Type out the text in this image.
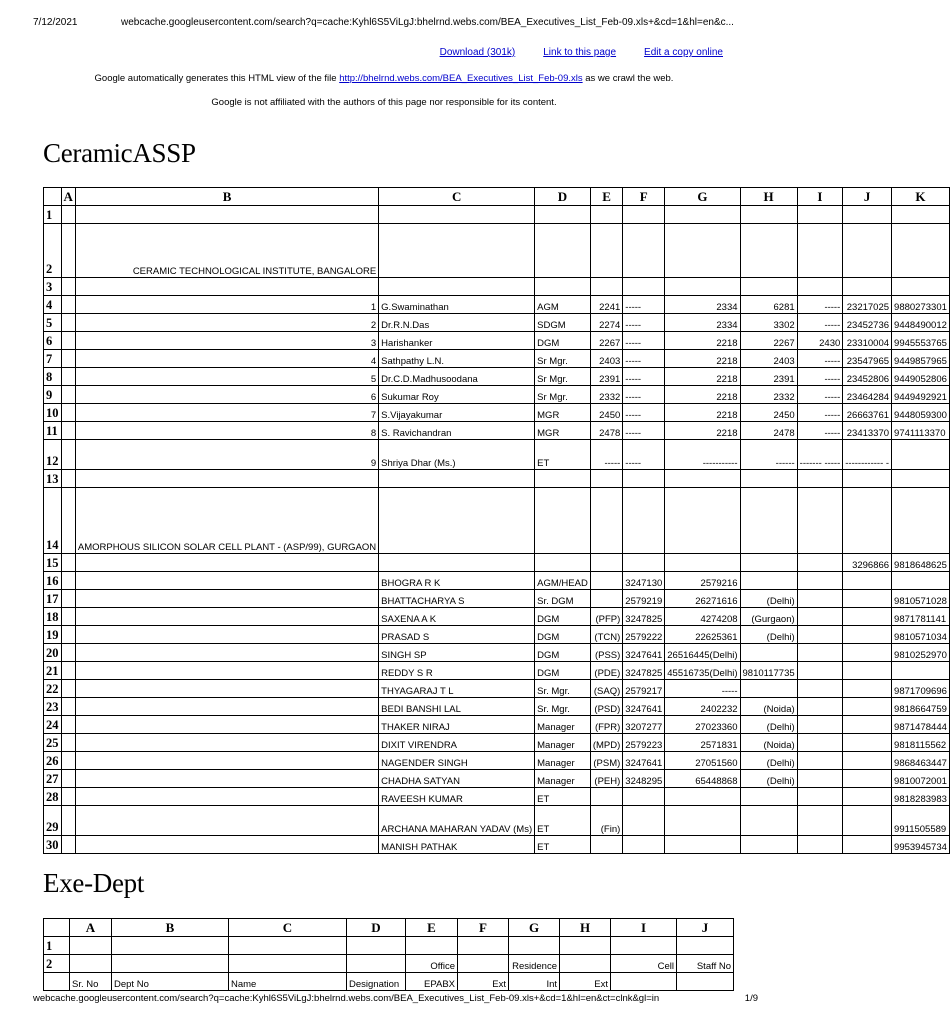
7/12/2021	webcache.googleusercontent.com/search?q=cache:Kyhl6S5ViLgJ:bhelrnd.webs.com/BEA_Executives_List_Feb-09.xls+&cd=1&hl=en&c...
Download (301k)	Link to this page	Edit a copy online
Google automatically generates this HTML view of the file http://bhelrnd.webs.com/BEA_Executives_List_Feb-09.xls as we crawl the web.
Google is not affiliated with the authors of this page nor responsible for its content.
CeramicASSP
	A	B	C	D	E	F	G	H	I	J	K
1											
2		CERAMIC TECHNOLOGICAL INSTITUTE, BANGALORE									
3											
4		1	G.Swaminathan	AGM	2241	-----	2334	6281	-----	23217025	9880273301
5		2	Dr.R.N.Das	SDGM	2274	-----	2334	3302	-----	23452736	9448490012
6		3	Harishanker	DGM	2267	-----	2218	2267	2430	23310004	9945553765
7		4	Sathpathy L.N.	Sr Mgr.	2403	-----	2218	2403	-----	23547965	9449857965
8		5	Dr.C.D.Madhusoodana	Sr Mgr.	2391	-----	2218	2391	-----	23452806	9449052806
9		6	Sukumar Roy	Sr Mgr.	2332	-----	2218	2332	-----	23464284	9449492921
10		7	S.Vijayakumar	MGR	2450	-----	2218	2450	-----	26663761	9448059300
11		8	S. Ravichandran	MGR	2478	-----	2218	2478	-----	23413370	9741113370
12		9	Shriya Dhar (Ms.)	ET	-----	-----	-----------	------	------- -----	------------ -	
13											
14		AMORPHOUS SILICON SOLAR CELL PLANT - (ASP/99), GURGAON									
15										3296866	9818648625
16			BHOGRA R K	AGM/HEAD		3247130	2579216				
17			BHATTACHARYA S	Sr. DGM		2579219	26271616	(Delhi)			9810571028
18			SAXENA A K	DGM	(PFP)	3247825	4274208	(Gurgaon)			9871781141
19			PRASAD S	DGM	(TCN)	2579222	22625361	(Delhi)			9810571034
20			SINGH SP	DGM	(PSS)	3247641	26516445(Delhi)				9810252970
21			REDDY S R	DGM	(PDE)	3247825	45516735(Delhi)	9810117735			
22			THYAGARAJ T L	Sr. Mgr.	(SAQ)	2579217	-----				9871709696
23			BEDI BANSHI LAL	Sr. Mgr.	(PSD)	3247641	2402232	(Noida)			9818664759
24			THAKER NIRAJ	Manager	(FPR)	3207277	27023360	(Delhi)			9871478444
25			DIXIT VIRENDRA	Manager	(MPD)	2579223	2571831	(Noida)			9818115562
26			NAGENDER SINGH	Manager	(PSM)	3247641	27051560	(Delhi)			9868463447
27			CHADHA SATYAN	Manager	(PEH)	3248295	65448868	(Delhi)			9810072001
28			RAVEESH KUMAR	ET							9818283983
29			ARCHANA MAHARAN YADAV (Ms)	ET	(Fin)						9911505589
30			MANISH PATHAK	ET							9953945734
Exe-Dept
	A	B	C	D	E	F	G	H	I	J
1										
2					Office		Residence		Cell	Staff No
	Sr. No	Dept No	Name	Designation	EPABX	Ext	Int	Ext		
webcache.googleusercontent.com/search?q=cache:Kyhl6S5ViLgJ:bhelrnd.webs.com/BEA_Executives_List_Feb-09.xls+&cd=1&hl=en&ct=clnk&gl=in	1/9
